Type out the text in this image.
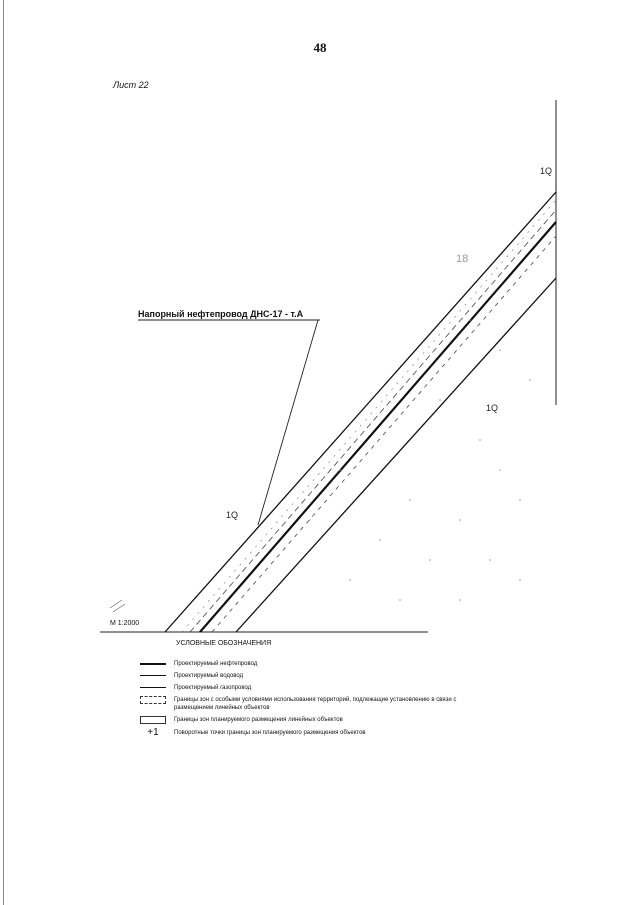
48
Лист 22
1Q
18
1Q
1Q
Напорный нефтепровод ДНС-17 - т.А
М 1:2000
УСЛОВНЫЕ ОБОЗНАЧЕНИЯ
Проектируемый нефтепровод
Проектируемый водовод
Проектируемый газопровод
Границы зон с особыми условиями использования территорий, подлежащие установлению в связи с размещением линейных объектов
Границы зон планируемого размещения линейных объектов
+1	Поворотные точки границы зон планируемого размещения объектов
